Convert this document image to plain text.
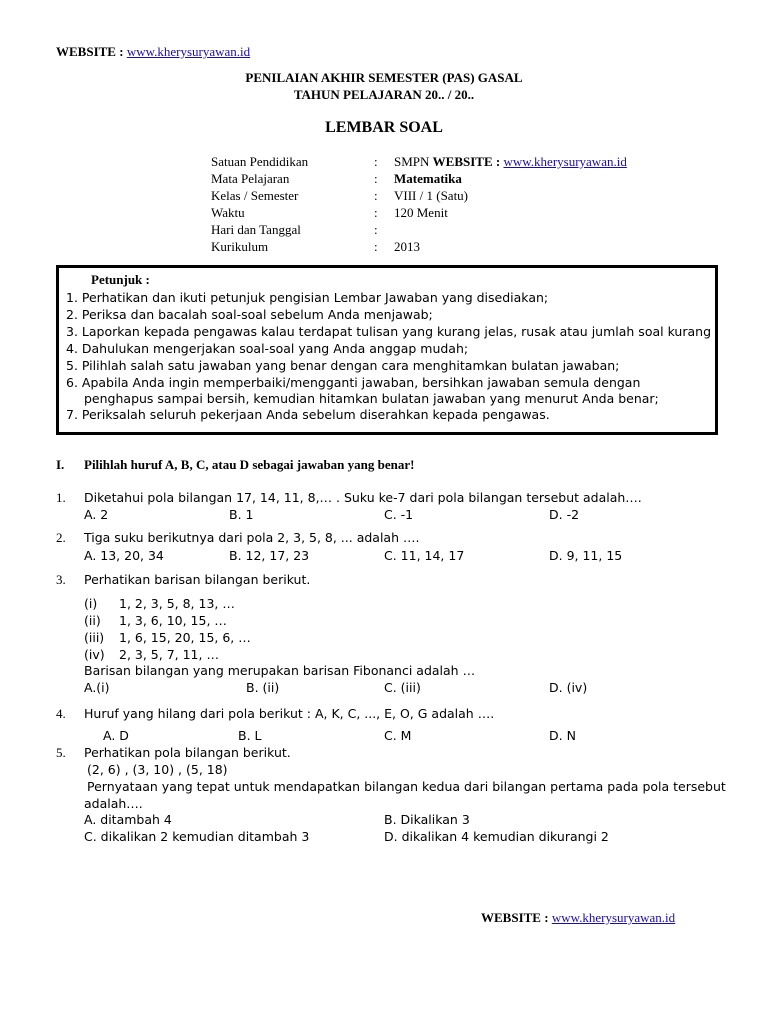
WEBSITE : www.kherysuryawan.id
PENILAIAN AKHIR SEMESTER (PAS) GASAL
TAHUN PELAJARAN 20.. / 20..
LEMBAR SOAL
Satuan Pendidikan	: SMPN WEBSITE : www.kherysuryawan.id
Mata Pelajaran	: Matematika
Kelas / Semester	: VIII / 1 (Satu)
Waktu	: 120 Menit
Hari dan Tanggal	:
Kurikulum	: 2013
Petunjuk :
1. Perhatikan dan ikuti petunjuk pengisian Lembar Jawaban yang disediakan;
2. Periksa dan bacalah soal-soal sebelum Anda menjawab;
3. Laporkan kepada pengawas kalau terdapat tulisan yang kurang jelas, rusak atau jumlah soal kurang
4. Dahulukan mengerjakan soal-soal yang Anda anggap mudah;
5. Pilihlah salah satu jawaban yang benar dengan cara menghitamkan bulatan jawaban;
6. Apabila Anda ingin memperbaiki/mengganti jawaban, bersihkan jawaban semula dengan
penghapus sampai bersih, kemudian hitamkan bulatan jawaban yang menurut Anda benar;
7. Periksalah seluruh pekerjaan Anda sebelum diserahkan kepada pengawas.
I. Pilihlah huruf A, B, C, atau D sebagai jawaban yang benar!
1. Diketahui pola bilangan 17, 14, 11, 8,… . Suku ke-7 dari pola bilangan tersebut adalah….
A. 2	B. 1	C. -1	D. -2
2. Tiga suku berikutnya dari pola 2, 3, 5, 8, ... adalah ….
A. 13, 20, 34	B. 12, 17, 23	C. 11, 14, 17	D. 9, 11, 15
3. Perhatikan barisan bilangan berikut.
(i) 1, 2, 3, 5, 8, 13, …
(ii) 1, 3, 6, 10, 15, …
(iii) 1, 6, 15, 20, 15, 6, …
(iv) 2, 3, 5, 7, 11, …
Barisan bilangan yang merupakan barisan Fibonanci adalah …
A.(i)	B. (ii)	C. (iii)	D. (iv)
4. Huruf yang hilang dari pola berikut : A, K, C, ..., E, O, G adalah ….
A. D	B. L	C. M	D. N
5. Perhatikan pola bilangan berikut.
(2, 6) , (3, 10) , (5, 18)
Pernyataan yang tepat untuk mendapatkan bilangan kedua dari bilangan pertama pada pola tersebut
adalah….
A. ditambah 4	B. Dikalikan 3
C. dikalikan 2 kemudian ditambah 3	D. dikalikan 4 kemudian dikurangi 2
WEBSITE : www.kherysuryawan.id
